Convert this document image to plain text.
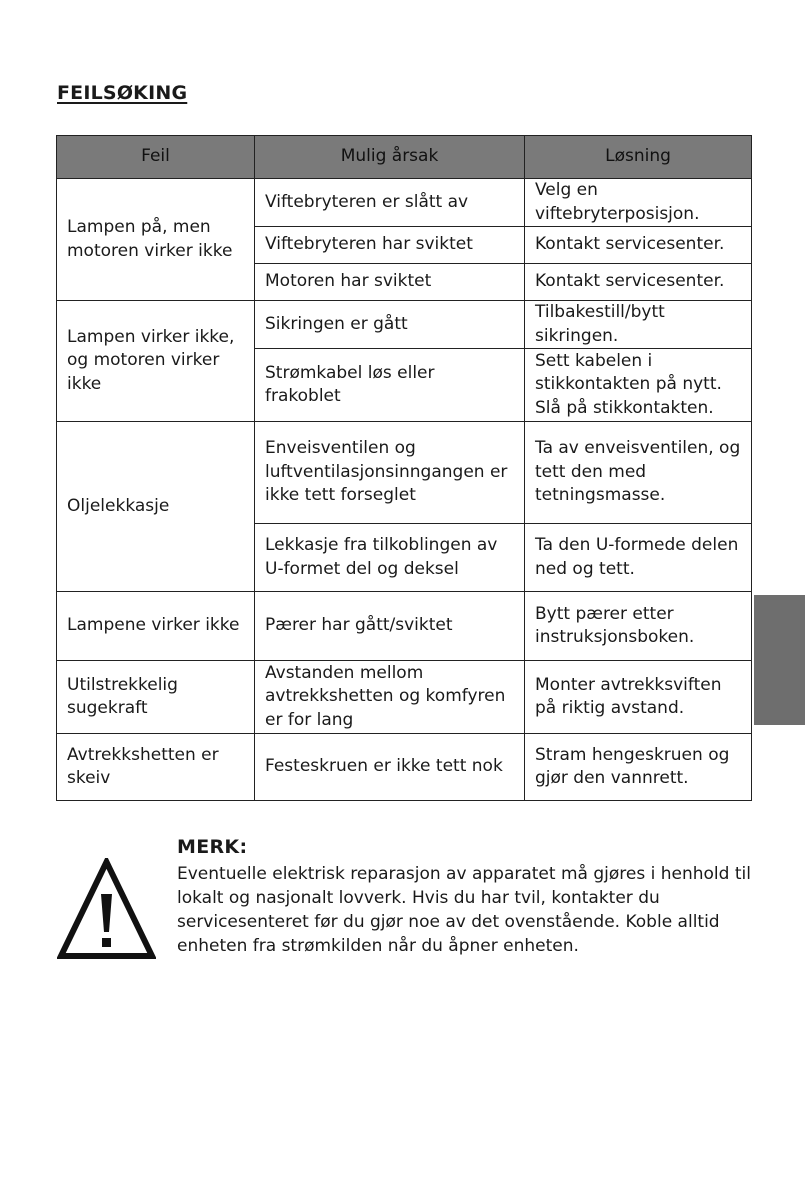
FEILSØKING
Feil	Mulig årsak	Løsning
Lampen på, men motoren virker ikke	Viftebryteren er slått av	Velg en viftebryterposisjon.
	Viftebryteren har sviktet	Kontakt servicesenter.
	Motoren har sviktet	Kontakt servicesenter.
Lampen virker ikke, og motoren virker ikke	Sikringen er gått	Tilbakestill/bytt sikringen.
	Strømkabel løs eller frakoblet	Sett kabelen i stikkontakten på nytt. Slå på stikkontakten.
Oljelekkasje	Enveisventilen og luftventilasjonsinngangen er ikke tett forseglet	Ta av enveisventilen, og tett den med tetningsmasse.
	Lekkasje fra tilkoblingen av U-formet del og deksel	Ta den U-formede delen ned og tett.
Lampene virker ikke	Pærer har gått/sviktet	Bytt pærer etter instruksjonsboken.
Utilstrekkelig sugekraft	Avstanden mellom avtrekkshetten og komfyren er for lang	Monter avtrekksviften på riktig avstand.
Avtrekkshetten er skeiv	Festeskruen er ikke tett nok	Stram hengeskruen og gjør den vannrett.
MERK:
Eventuelle elektrisk reparasjon av apparatet må gjøres i henhold til lokalt og nasjonalt lovverk. Hvis du har tvil, kontakter du servicesenteret før du gjør noe av det ovenstående. Koble alltid enheten fra strømkilden når du åpner enheten.
